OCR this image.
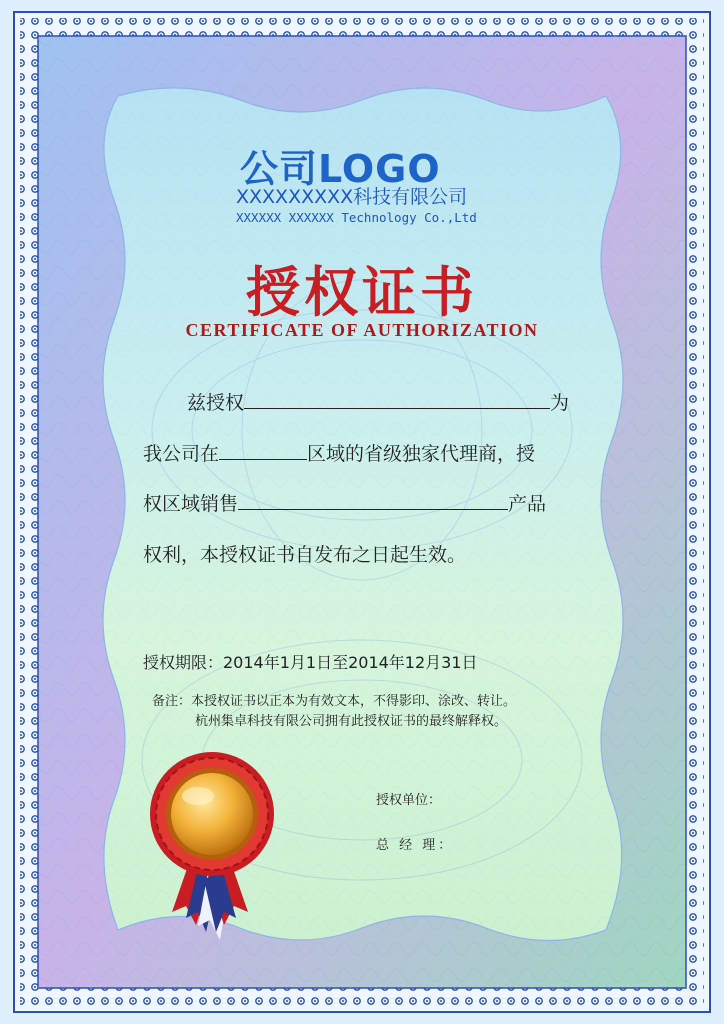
公司LOGO
XXXXXXXXX科技有限公司
XXXXXX XXXXXX Technology Co.,Ltd
授权证书
CERTIFICATE OF AUTHORIZATION
兹授权	为
我公司在	区域的省级独家代理商，授
权区域销售	产品
权利，本授权证书自发布之日起生效。
授权期限：2014年1月1日至2014年12月31日
备注：本授权证书以正本为有效文本，不得影印、涂改、转让。
杭州集卓科技有限公司拥有此授权证书的最终解释权。
授权单位：
总 经 理：
